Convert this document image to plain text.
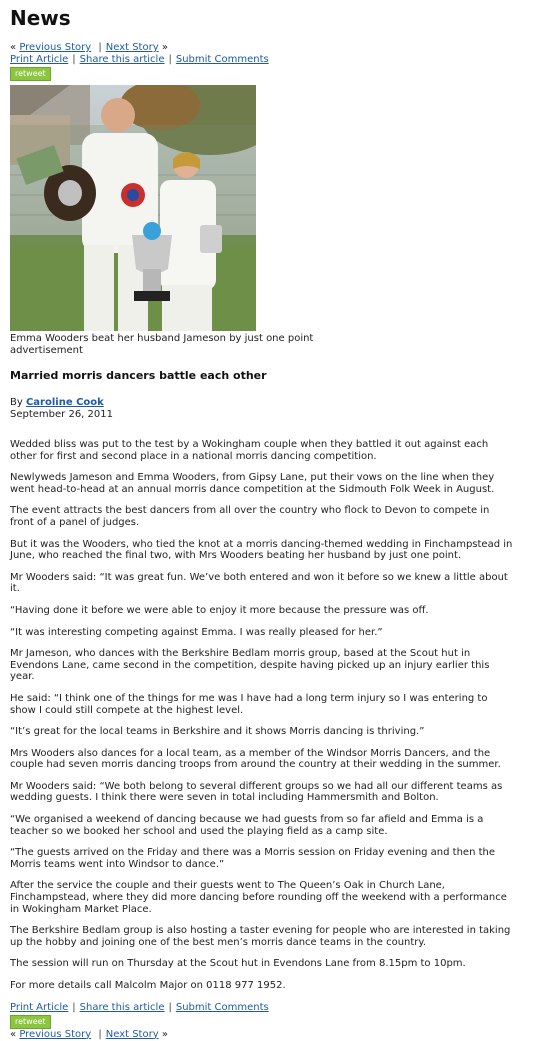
News
« Previous Story | Next Story »
Print Article | Share this article | Submit Comments
retweet
Emma Wooders beat her husband Jameson by just one point
advertisement
Married morris dancers battle each other
By Caroline Cook
September 26, 2011

Wedded bliss was put to the test by a Wokingham couple when they battled it out against each other for first and second place in a national morris dancing competition.

Newlyweds Jameson and Emma Wooders, from Gipsy Lane, put their vows on the line when they went head-to-head at an annual morris dance competition at the Sidmouth Folk Week in August.

The event attracts the best dancers from all over the country who flock to Devon to compete in front of a panel of judges.

But it was the Wooders, who tied the knot at a morris dancing-themed wedding in Finchampstead in June, who reached the final two, with Mrs Wooders beating her husband by just one point.

Mr Wooders said: “It was great fun. We’ve both entered and won it before so we knew a little about it.

“Having done it before we were able to enjoy it more because the pressure was off.

“It was interesting competing against Emma. I was really pleased for her.”

Mr Jameson, who dances with the Berkshire Bedlam morris group, based at the Scout hut in Evendons Lane, came second in the competition, despite having picked up an injury earlier this year.

He said: “I think one of the things for me was I have had a long term injury so I was entering to show I could still compete at the highest level.

“It’s great for the local teams in Berkshire and it shows Morris dancing is thriving.”

Mrs Wooders also dances for a local team, as a member of the Windsor Morris Dancers, and the couple had seven morris dancing troops from around the country at their wedding in the summer.

Mr Wooders said: “We both belong to several different groups so we had all our different teams as wedding guests. I think there were seven in total including Hammersmith and Bolton.

“We organised a weekend of dancing because we had guests from so far afield and Emma is a teacher so we booked her school and used the playing field as a camp site.

“The guests arrived on the Friday and there was a Morris session on Friday evening and then the Morris teams went into Windsor to dance.”

After the service the couple and their guests went to The Queen’s Oak in Church Lane, Finchampstead, where they did more dancing before rounding off the weekend with a performance in Wokingham Market Place.

The Berkshire Bedlam group is also hosting a taster evening for people who are interested in taking up the hobby and joining one of the best men’s morris dance teams in the country.

The session will run on Thursday at the Scout hut in Evendons Lane from 8.15pm to 10pm.

For more details call Malcolm Major on 0118 977 1952.

Print Article | Share this article | Submit Comments
retweet
« Previous Story | Next Story »
